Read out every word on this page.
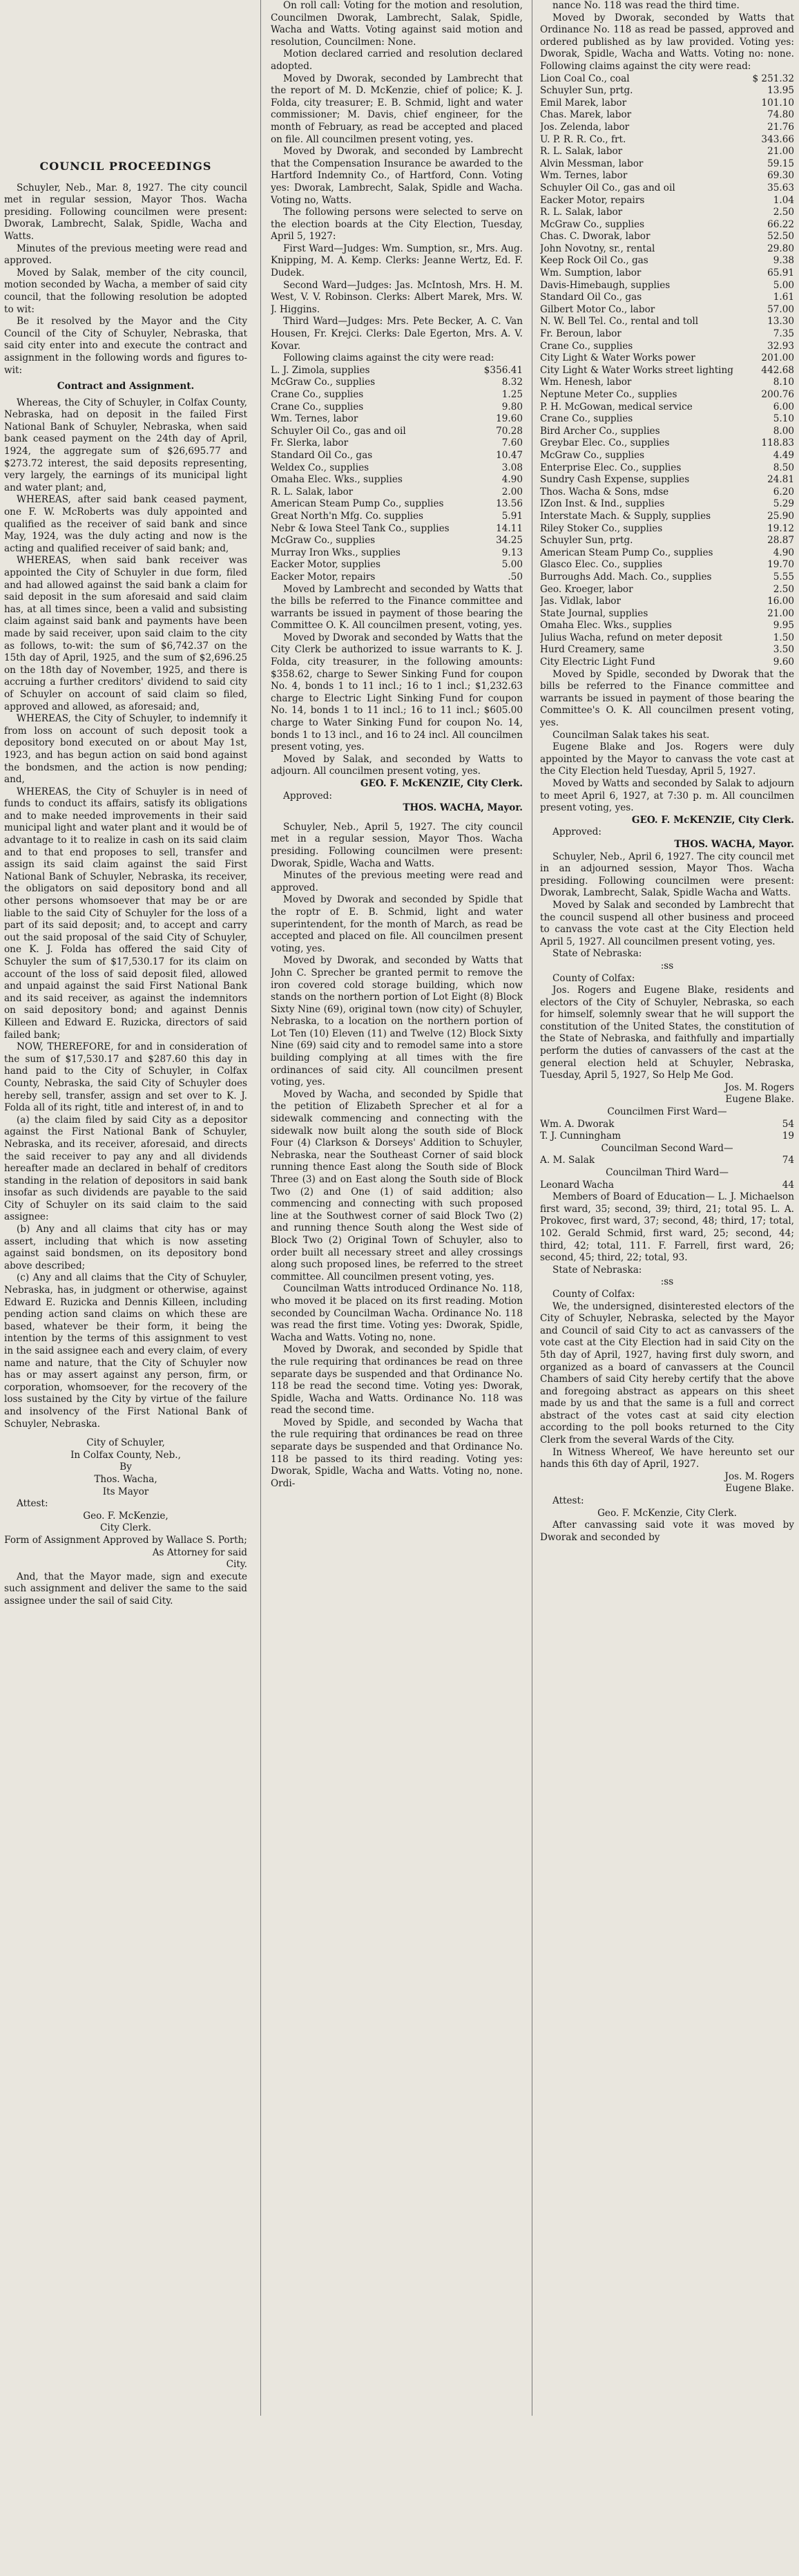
COUNCIL PROCEEDINGS

Schuyler, Neb., Mar. 8, 1927. The city council met in regular session, Mayor Thos. Wacha presiding. Following councilmen were present: Dworak, Lambrecht, Salak, Spidle, Wacha and Watts.

Minutes of the previous meeting were read and approved.

Moved by Salak, member of the city council, motion seconded by Wacha, a member of said city council, that the following resolution be adopted to wit:

Be it resolved by the Mayor and the City Council of the City of Schuyler, Nebraska, that said city enter into and execute the contract and assignment in the following words and figures to-wit:

Contract and Assignment.

Whereas, the City of Schuyler, in Colfax County, Nebraska, had on deposit in the failed First National Bank of Schuyler, Nebraska, when said bank ceased payment on the 24th day of April, 1924, the aggregate sum of $26,695.77 and $273.72 interest, the said deposits representing, very largely, the earnings of its municipal light and water plant; and,

WHEREAS, after said bank ceased payment, one F. W. McRoberts was duly appointed and qualified as the receiver of said bank and since May, 1924, was the duly acting and now is the acting and qualified receiver of said bank; and,

WHEREAS, when said bank receiver was appointed the City of Schuyler in due form, filed and had allowed against the said bank a claim for said deposit in the sum aforesaid and said claim has, at all times since, been a valid and subsisting claim against said bank and payments have been made by said receiver, upon said claim to the city as follows, to-wit: the sum of $6,742.37 on the 15th day of April, 1925, and the sum of $2,696.25 on the 18th day of November, 1925, and there is accruing a further creditors' dividend to said city of Schuyler on account of said claim so filed, approved and allowed, as aforesaid; and,

WHEREAS, the City of Schuyler, to indemnify it from loss on account of such deposit took a depository bond executed on or about May 1st, 1923, and has begun action on said bond against the bondsmen, and the action is now pending; and,

WHEREAS, the City of Schuyler is in need of funds to conduct its affairs, satisfy its obligations and to make needed improvements in their said municipal light and water plant and it would be of advantage to it to realize in cash on its said claim and to that end proposes to sell, transfer and assign its said claim against the said First National Bank of Schuyler, Nebraska, its receiver, the obligators on said depository bond and all other persons whomsoever that may be or are liable to the said City of Schuyler for the loss of a part of its said deposit; and, to accept and carry out the said proposal of the said City of Schuyler, one K. J. Folda has offered the said City of Schuyler the sum of $17,530.17 for its claim on account of the loss of said deposit filed, allowed and unpaid against the said First National Bank and its said receiver, as against the indemnitors on said depository bond; and against Dennis Killeen and Edward E. Ruzicka, directors of said failed bank;

NOW, THEREFORE, for and in consideration of the sum of $17,530.17 and $287.60 this day in hand paid to the City of Schuyler, in Colfax County, Nebraska, the said City of Schuyler does hereby sell, transfer, assign and set over to K. J. Folda all of its right, title and interest of, in and to

(a) the claim filed by said City as a depositor against the First National Bank of Schuyler, Nebraska, and its receiver, aforesaid, and directs the said receiver to pay any and all dividends hereafter made an declared in behalf of creditors standing in the relation of depositors in said bank insofar as such dividends are payable to the said City of Schuyler on its said claim to the said assignee:

(b) Any and all claims that city has or may assert, including that which is now asseting against said bondsmen, on its depository bond above described;

(c) Any and all claims that the City of Schuyler, Nebraska, has, in judgment or otherwise, against Edward E. Ruzicka and Dennis Killeen, including pending action sand claims on which these are based, whatever be their form, it being the intention by the terms of this assignment to vest in the said assignee each and every claim, of every name and nature, that the City of Schuyler now has or may assert against any person, firm, or corporation, whomsoever, for the recovery of the loss sustained by the City by virtue of the failure and insolvency of the First National Bank of Schuyler, Nebraska.

City of Schuyler,

In Colfax County, Neb.,

By

Thos. Wacha,

Its Mayor

Attest:

Geo. F. McKenzie,

City Clerk.

Form of Assignment Approved by Wallace S. Porth;

As Attorney for said

City.

And, that the Mayor made, sign and execute such assignment and deliver the same to the said assignee under the sail of said City.

On roll call: Voting for the motion and resolution, Councilmen Dworak, Lambrecht, Salak, Spidle, Wacha and Watts. Voting against said motion and resolution, Councilmen: None.

Motion declared carried and resolution declared adopted.

Moved by Dworak, seconded by Lambrecht that the report of M. D. McKenzie, chief of police; K. J. Folda, city treasurer; E. B. Schmid, light and water commissioner; M. Davis, chief engineer, for the month of February, as read be accepted and placed on file. All councilmen present voting, yes.

Moved by Dworak, and seconded by Lambrecht that the Compensation Insurance be awarded to the Hartford Indemnity Co., of Hartford, Conn. Voting yes: Dworak, Lambrecht, Salak, Spidle and Wacha. Voting no, Watts.

The following persons were selected to serve on the election boards at the City Election, Tuesday, April 5, 1927:

First Ward—Judges: Wm. Sumption, sr., Mrs. Aug. Knipping, M. A. Kemp. Clerks: Jeanne Wertz, Ed. F. Dudek.

Second Ward—Judges: Jas. McIntosh, Mrs. H. M. West, V. V. Robinson. Clerks: Albert Marek, Mrs. W. J. Higgins.

Third Ward—Judges: Mrs. Pete Becker, A. C. Van Housen, Fr. Krejci. Clerks: Dale Egerton, Mrs. A. V. Kovar.

Following claims against the city were read:

L. J. Zimola, supplies	$356.41
McGraw Co., supplies	8.32
Crane Co., supplies	1.25
Crane Co., supplies	9.80
Wm. Ternes, labor	19.60
Schuyler Oil Co., gas and oil	70.28
Fr. Slerka, labor	7.60
Standard Oil Co., gas	10.47
Weldex Co., supplies	3.08
Omaha Elec. Wks., supplies	4.90
R. L. Salak, labor	2.00
American Steam Pump Co., supplies	13.56
Great North'n Mfg. Co. supplies	5.91
Nebr & Iowa Steel Tank Co., supplies	14.11
McGraw Co., supplies	34.25
Murray Iron Wks., supplies	9.13
Eacker Motor, supplies	5.00
Eacker Motor, repairs	.50

Moved by Lambrecht and seconded by Watts that the bills be referred to the Finance committee and warrants be issued in payment of those bearing the Committee O. K. All councilmen present, voting, yes.

Moved by Dworak and seconded by Watts that the City Clerk be authorized to issue warrants to K. J. Folda, city treasurer, in the following amounts: $358.62, charge to Sewer Sinking Fund for coupon No. 4, bonds 1 to 11 incl.; 16 to 1 incl.; $1,232.63 charge to Electric Light Sinking Fund for coupon No. 14, bonds 1 to 11 incl.; 16 to 11 incl.; $605.00 charge to Water Sinking Fund for coupon No. 14, bonds 1 to 13 incl., and 16 to 24 incl. All councilmen present voting, yes.

Moved by Salak, and seconded by Watts to adjourn. All councilmen present voting, yes.

GEO. F. McKENZIE, City Clerk.

Approved:

THOS. WACHA, Mayor.

Schuyler, Neb., April 5, 1927. The city council met in a regular session, Mayor Thos. Wacha presiding. Following councilmen were present: Dworak, Spidle, Wacha and Watts.

Minutes of the previous meeting were read and approved.

Moved by Dworak and seconded by Spidle that the roptr of E. B. Schmid, light and water superintendent, for the month of March, as read be accepted and placed on file. All councilmen present voting, yes.

Moved by Dworak, and seconded by Watts that John C. Sprecher be granted permit to remove the iron covered cold storage building, which now stands on the northern portion of Lot Eight (8) Block Sixty Nine (69), original town (now city) of Schuyler, Nebraska, to a location on the northern portion of Lot Ten (10) Eleven (11) and Twelve (12) Block Sixty Nine (69) said city and to remodel same into a store building complying at all times with the fire ordinances of said city. All councilmen present voting, yes.

Moved by Wacha, and seconded by Spidle that the petition of Elizabeth Sprecher et al for a sidewalk commencing and connecting with the sidewalk now built along the south side of Block Four (4) Clarkson & Dorseys' Addition to Schuyler, Nebraska, near the Southeast Corner of said block running thence East along the South side of Block Three (3) and on East along the South side of Block Two (2) and One (1) of said addition; also commencing and connecting with such proposed line at the Southwest corner of said Block Two (2) and running thence South along the West side of Block Two (2) Original Town of Schuyler, also to order built all necessary street and alley crossings along such proposed lines, be referred to the street committee. All councilmen present voting, yes.

Councilman Watts introduced Ordinance No. 118, who moved it be placed on its first reading. Motion seconded by Councilman Wacha. Ordinance No. 118 was read the first time. Voting yes: Dworak, Spidle, Wacha and Watts. Voting no, none.

Moved by Dworak, and seconded by Spidle that the rule requiring that ordinances be read on three separate days be suspended and that Ordinance No. 118 be read the second time. Voting yes: Dworak, Spidle, Wacha and Watts. Ordinance No. 118 was read the second time.

Moved by Spidle, and seconded by Wacha that the rule requiring that ordinances be read on three separate days be suspended and that Ordinance No. 118 be passed to its third reading. Voting yes: Dworak, Spidle, Wacha and Watts. Voting no, none. Ordi-

nance No. 118 was read the third time.

Moved by Dworak, seconded by Watts that Ordinance No. 118 as read be passed, approved and ordered published as by law provided. Voting yes: Dworak, Spidle, Wacha and Watts. Voting no: none. Following claims against the city were read:

Lion Coal Co., coal	$ 251.32
Schuyler Sun, prtg.	13.95
Emil Marek, labor	101.10
Chas. Marek, labor	74.80
Jos. Zelenda, labor	21.76
U. P. R. R. Co., frt.	343.66
R. L. Salak, labor	21.00
Alvin Messman, labor	59.15
Wm. Ternes, labor	69.30
Schuyler Oil Co., gas and oil	35.63
Eacker Motor, repairs	1.04
R. L. Salak, labor	2.50
McGraw Co., supplies	66.22
Chas. C. Dworak, labor	52.50
John Novotny, sr., rental	29.80
Keep Rock Oil Co., gas	9.38
Wm. Sumption, labor	65.91
Davis-Himebaugh, supplies	5.00
Standard Oil Co., gas	1.61
Gilbert Motor Co., labor	57.00
N. W. Bell Tel. Co., rental and toll	13.30
Fr. Beroun, labor	7.35
Crane Co., supplies	32.93
City Light & Water Works power	201.00
City Light & Water Works street lighting	442.68
Wm. Henesh, labor	8.10
Neptune Meter Co., supplies	200.76
P. H. McGowan, medical service	6.00
Crane Co., supplies	5.10
Bird Archer Co., supplies	8.00
Greybar Elec. Co., supplies	118.83
McGraw Co., supplies	4.49
Enterprise Elec. Co., supplies	8.50
Sundry Cash Expense, supplies	24.81
Thos. Wacha & Sons, mdse	6.20
IZon Inst. & Ind., supplies	5.29
Interstate Mach. & Supply, supplies	25.90
Riley Stoker Co., supplies	19.12
Schuyler Sun, prtg.	28.87
American Steam Pump Co., supplies	4.90
Glasco Elec. Co., supplies	19.70
Burroughs Add. Mach. Co., supplies	5.55
Geo. Kroeger, labor	2.50
Jas. Vidlak, labor	16.00
State Journal, supplies	21.00
Omaha Elec. Wks., supplies	9.95
Julius Wacha, refund on meter deposit	1.50
Hurd Creamery, same	3.50
City Electric Light Fund	9.60

Moved by Spidle, seconded by Dworak that the bills be referred to the Finance committee and warrants be issued in payment of those bearing the Committee's O. K. All councilmen present voting, yes.

Councilman Salak takes his seat.

Eugene Blake and Jos. Rogers were duly appointed by the Mayor to canvass the vote cast at the City Election held Tuesday, April 5, 1927.

Moved by Watts and seconded by Salak to adjourn to meet April 6, 1927, at 7:30 p. m. All councilmen present voting, yes.

GEO. F. McKENZIE, City Clerk.

Approved:

THOS. WACHA, Mayor.

Schuyler, Neb., April 6, 1927. The city council met in an adjourned session, Mayor Thos. Wacha presiding. Following councilmen were present: Dworak, Lambrecht, Salak, Spidle Wacha and Watts.

Moved by Salak and seconded by Lambrecht that the council suspend all other business and proceed to canvass the vote cast at the City Election held April 5, 1927. All councilmen present voting, yes.

State of Nebraska:

:ss

County of Colfax:

Jos. Rogers and Eugene Blake, residents and electors of the City of Schuyler, Nebraska, so each for himself, solemnly swear that he will support the constitution of the United States, the constitution of the State of Nebraska, and faithfully and impartially perform the duties of canvassers of the cast at the general election held at Schuyler, Nebraska, Tuesday, April 5, 1927, So Help Me God.

Jos. M. Rogers

Eugene Blake.

Councilmen First Ward—

Wm. A. Dworak	54
T. J. Cunningham	19

Councilman Second Ward—

A. M. Salak	74

Councilman Third Ward—

Leonard Wacha	44

Members of Board of Education— L. J. Michaelson first ward, 35; second, 39; third, 21; total 95. L. A. Prokovec, first ward, 37; second, 48; third, 17; total, 102. Gerald Schmid, first ward, 25; second, 44; third, 42; total, 111. F. Farrell, first ward, 26; second, 45; third, 22; total, 93.

State of Nebraska:

:ss

County of Colfax:

We, the undersigned, disinterested electors of the City of Schuyler, Nebraska, selected by the Mayor and Council of said City to act as canvassers of the vote cast at the City Election had in said City on the 5th day of April, 1927, having first duly sworn, and organized as a board of canvassers at the Council Chambers of said City hereby certify that the above and foregoing abstract as appears on this sheet made by us and that the same is a full and correct abstract of the votes cast at said city election according to the poll books returned to the City Clerk from the several Wards of the City.

In Witness Whereof, We have hereunto set our hands this 6th day of April, 1927.

Jos. M. Rogers

Eugene Blake.

Attest:

Geo. F. McKenzie, City Clerk.

After canvassing said vote it was moved by Dworak and seconded by
